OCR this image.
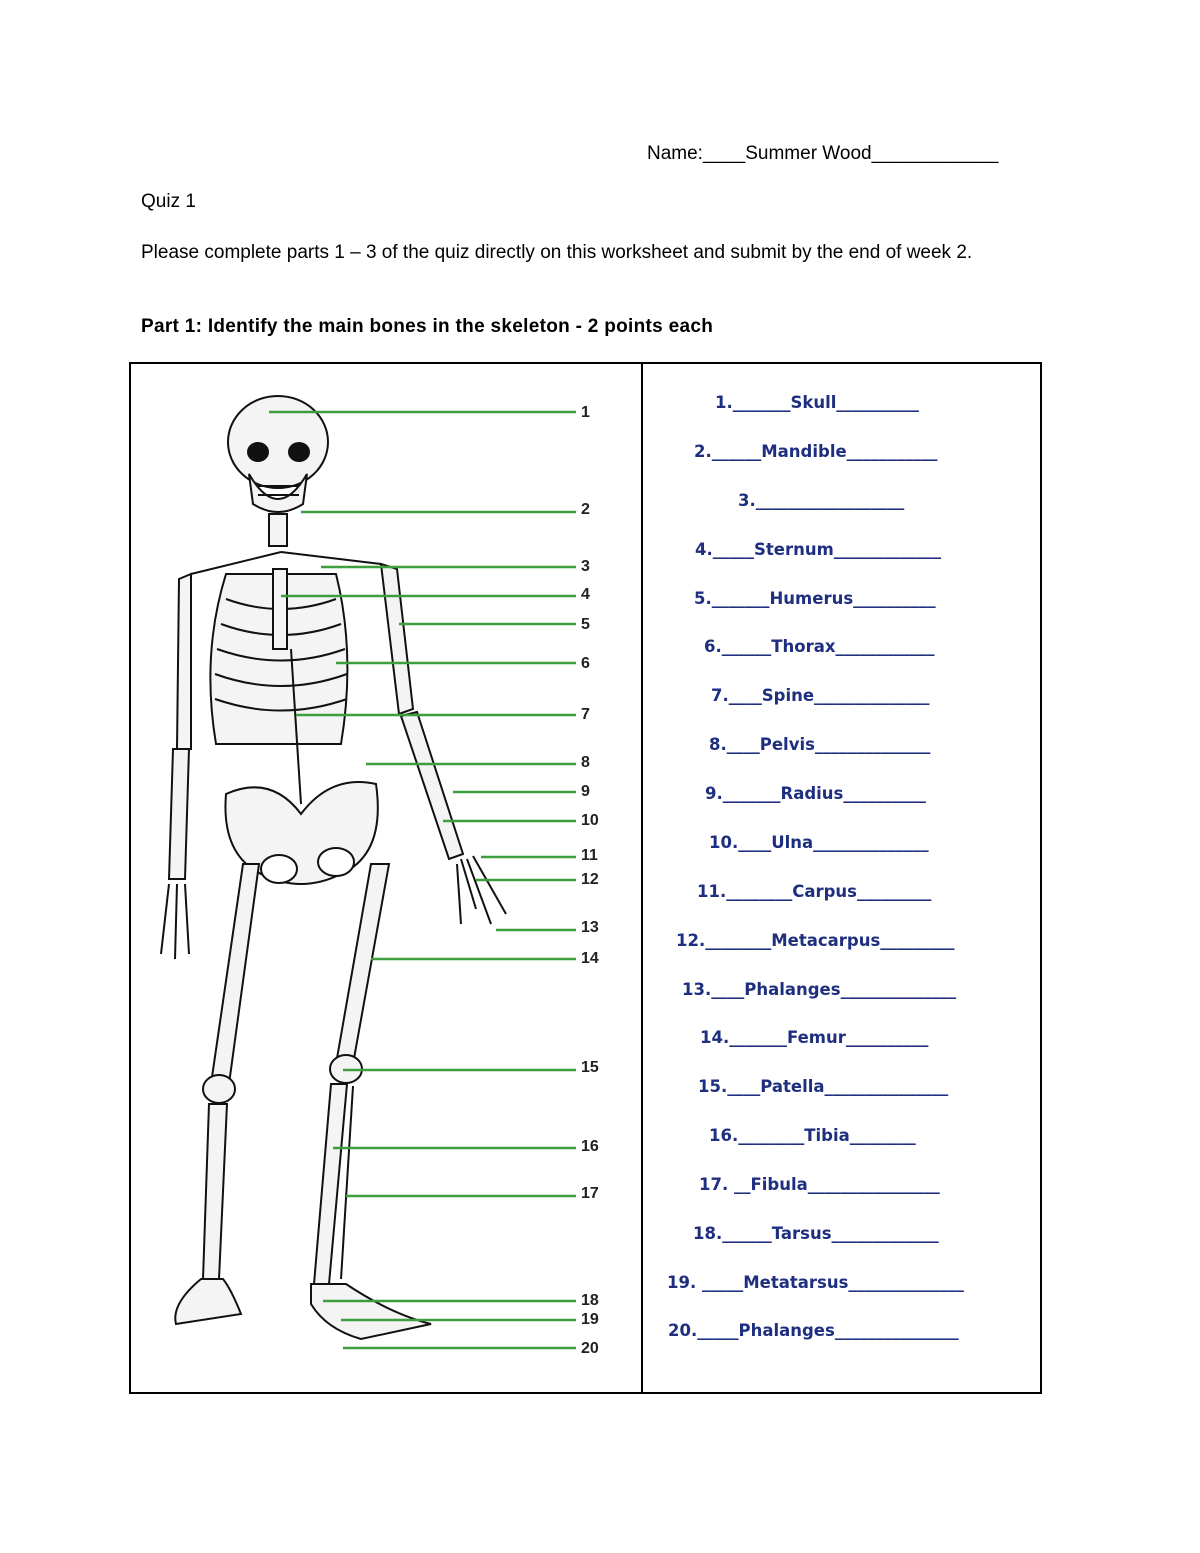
Name:____Summer Wood____________
Quiz 1
Please complete parts 1 – 3 of the quiz directly on this worksheet and submit by the end of week 2.
Part 1: Identify the main bones in the skeleton - 2 points each
1
2
3
4
5
6
7
8
9
10
11
12
13
14
15
16
17
18
19
20
1._______Skull__________
2.______Mandible___________
3.__________________
4._____Sternum_____________
5._______Humerus__________
6.______Thorax____________
7.____Spine______________
8.____Pelvis______________
9._______Radius__________
10.____Ulna______________
11.________Carpus_________
12.________Metacarpus_________
13.____Phalanges______________
14._______Femur__________
15.____Patella_______________
16.________Tibia________
17. __Fibula________________
18.______Tarsus_____________
19. _____Metatarsus______________
20._____Phalanges_______________
